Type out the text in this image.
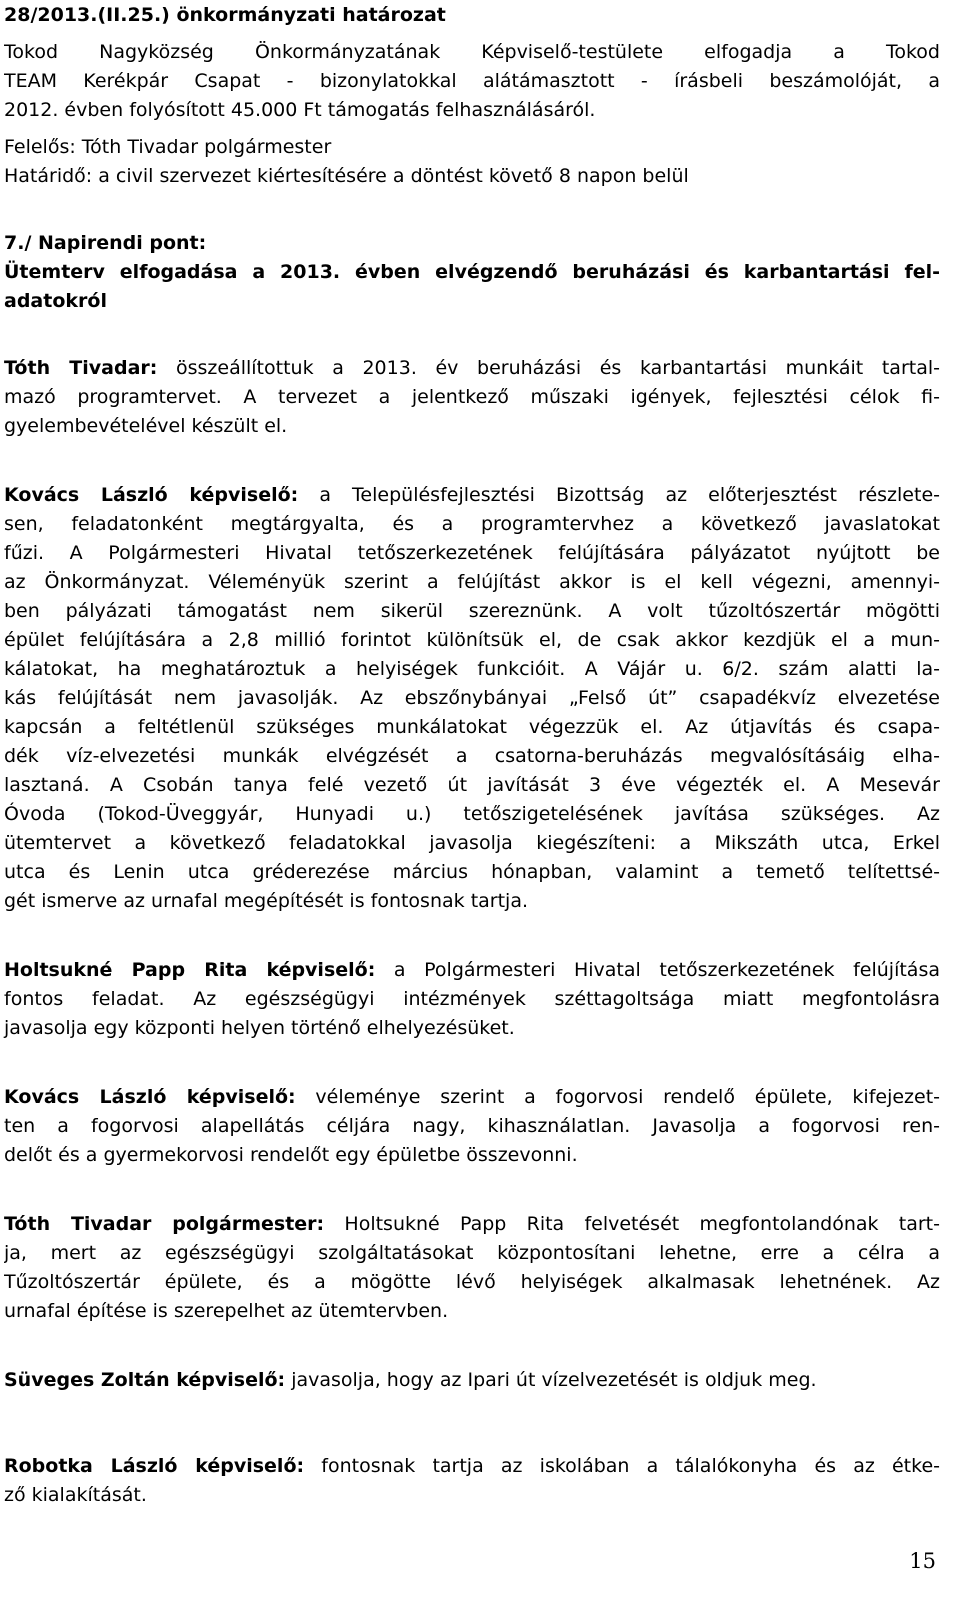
28/2013.(II.25.) önkormányzati határozat
Tokod Nagyközség Önkormányzatának Képviselő-testülete elfogadja a Tokod
TEAM Kerékpár Csapat - bizonylatokkal alátámasztott - írásbeli beszámolóját, a
2012. évben folyósított 45.000 Ft támogatás felhasználásáról.
Felelős: Tóth Tivadar polgármester
Határidő: a civil szervezet kiértesítésére a döntést követő 8 napon belül
7./ Napirendi pont:
Ütemterv elfogadása a 2013. évben elvégzendő beruházási és karbantartási fel-
adatokról
Tóth Tivadar: összeállítottuk a 2013. év beruházási és karbantartási munkáit tartal-
mazó programtervet. A tervezet a jelentkező műszaki igények, fejlesztési célok fi-
gyelembevételével készült el.
Kovács László képviselő: a Településfejlesztési Bizottság az előterjesztést részlete-
sen, feladatonként megtárgyalta, és a programtervhez a következő javaslatokat
fűzi. A Polgármesteri Hivatal tetőszerkezetének felújítására pályázatot nyújtott be
az Önkormányzat. Véleményük szerint a felújítást akkor is el kell végezni, amennyi-
ben pályázati támogatást nem sikerül szereznünk. A volt tűzoltószertár mögötti
épület felújítására a 2,8 millió forintot különítsük el, de csak akkor kezdjük el a mun-
kálatokat, ha meghatároztuk a helyiségek funkcióit. A Vájár u. 6/2. szám alatti la-
kás felújítását nem javasolják. Az ebszőnybányai „Felső út” csapadékvíz elvezetése
kapcsán a feltétlenül szükséges munkálatokat végezzük el. Az útjavítás és csapa-
dék víz-elvezetési munkák elvégzését a csatorna-beruházás megvalósításáig elha-
lasztaná. A Csobán tanya felé vezető út javítását 3 éve végezték el. A Mesevár
Óvoda (Tokod-Üveggyár, Hunyadi u.) tetőszigetelésének javítása szükséges. Az
ütemtervet a következő feladatokkal javasolja kiegészíteni: a Mikszáth utca, Erkel
utca és Lenin utca gréderezése március hónapban, valamint a temető telítettsé-
gét ismerve az urnafal megépítését is fontosnak tartja.
Holtsukné Papp Rita képviselő: a Polgármesteri Hivatal tetőszerkezetének felújítása
fontos feladat. Az egészségügyi intézmények széttagoltsága miatt megfontolásra
javasolja egy központi helyen történő elhelyezésüket.
Kovács László képviselő: véleménye szerint a fogorvosi rendelő épülete, kifejezet-
ten a fogorvosi alapellátás céljára nagy, kihasználatlan. Javasolja a fogorvosi ren-
delőt és a gyermekorvosi rendelőt egy épületbe összevonni.
Tóth Tivadar polgármester: Holtsukné Papp Rita felvetését megfontolandónak tart-
ja, mert az egészségügyi szolgáltatásokat központosítani lehetne, erre a célra a
Tűzoltószertár épülete, és a mögötte lévő helyiségek alkalmasak lehetnének. Az
urnafal építése is szerepelhet az ütemtervben.
Süveges Zoltán képviselő: javasolja, hogy az Ipari út vízelvezetését is oldjuk meg.
Robotka László képviselő: fontosnak tartja az iskolában a tálalókonyha és az étke-
ző kialakítását.
15
